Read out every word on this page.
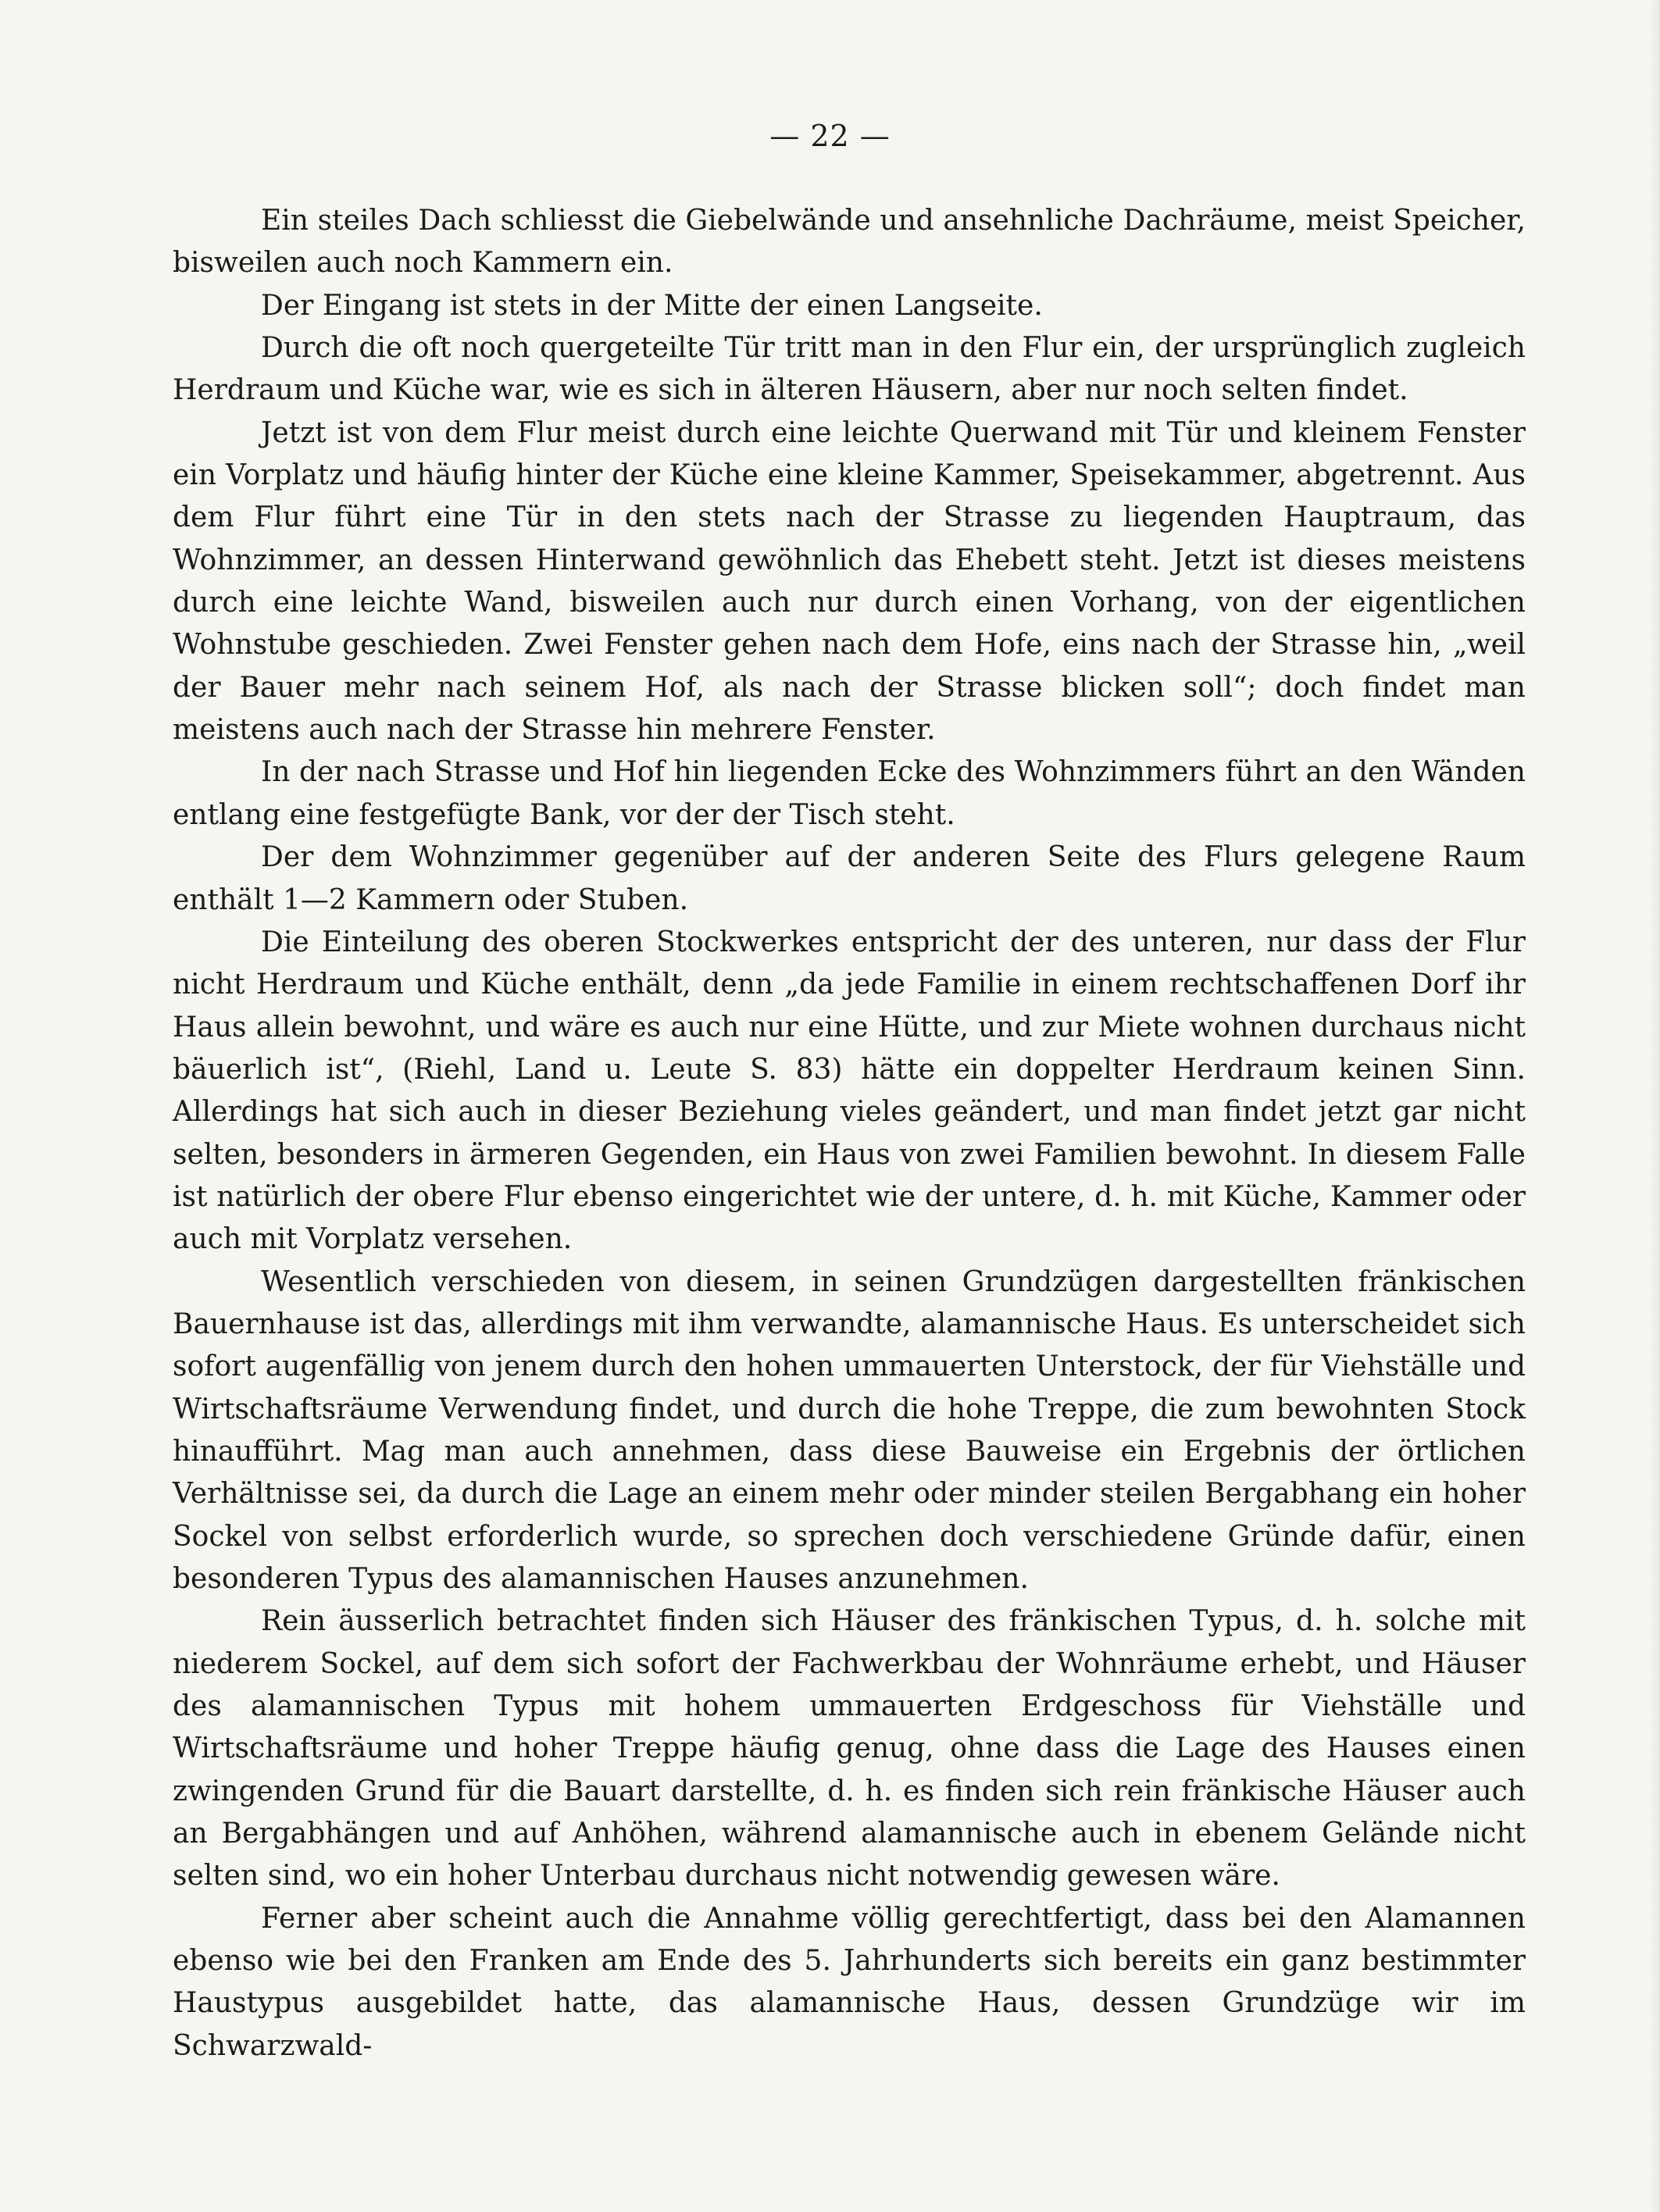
— 22 —

Ein steiles Dach schliesst die Giebelwände und ansehnliche Dachräume, meist Speicher, bisweilen auch noch Kammern ein.

Der Eingang ist stets in der Mitte der einen Langseite.

Durch die oft noch quergeteilte Tür tritt man in den Flur ein, der ursprünglich zugleich Herdraum und Küche war, wie es sich in älteren Häusern, aber nur noch selten findet.

Jetzt ist von dem Flur meist durch eine leichte Querwand mit Tür und kleinem Fenster ein Vorplatz und häufig hinter der Küche eine kleine Kammer, Speisekammer, abgetrennt. Aus dem Flur führt eine Tür in den stets nach der Strasse zu liegenden Hauptraum, das Wohnzimmer, an dessen Hinterwand gewöhnlich das Ehebett steht. Jetzt ist dieses meistens durch eine leichte Wand, bisweilen auch nur durch einen Vorhang, von der eigentlichen Wohnstube geschieden. Zwei Fenster gehen nach dem Hofe, eins nach der Strasse hin, „weil der Bauer mehr nach seinem Hof, als nach der Strasse blicken soll“; doch findet man meistens auch nach der Strasse hin mehrere Fenster.

In der nach Strasse und Hof hin liegenden Ecke des Wohnzimmers führt an den Wänden entlang eine festgefügte Bank, vor der der Tisch steht.

Der dem Wohnzimmer gegenüber auf der anderen Seite des Flurs gelegene Raum enthält 1—2 Kammern oder Stuben.

Die Einteilung des oberen Stockwerkes entspricht der des unteren, nur dass der Flur nicht Herdraum und Küche enthält, denn „da jede Familie in einem rechtschaffenen Dorf ihr Haus allein bewohnt, und wäre es auch nur eine Hütte, und zur Miete wohnen durchaus nicht bäuerlich ist“, (Riehl, Land u. Leute S. 83) hätte ein doppelter Herdraum keinen Sinn. Allerdings hat sich auch in dieser Beziehung vieles geändert, und man findet jetzt gar nicht selten, besonders in ärmeren Gegenden, ein Haus von zwei Familien bewohnt. In diesem Falle ist natürlich der obere Flur ebenso eingerichtet wie der untere, d. h. mit Küche, Kammer oder auch mit Vorplatz versehen.

Wesentlich verschieden von diesem, in seinen Grundzügen dargestellten fränkischen Bauernhause ist das, allerdings mit ihm verwandte, alamannische Haus. Es unterscheidet sich sofort augenfällig von jenem durch den hohen ummauerten Unterstock, der für Viehställe und Wirtschaftsräume Verwendung findet, und durch die hohe Treppe, die zum bewohnten Stock hinaufführt. Mag man auch annehmen, dass diese Bauweise ein Ergebnis der örtlichen Verhältnisse sei, da durch die Lage an einem mehr oder minder steilen Bergabhang ein hoher Sockel von selbst erforderlich wurde, so sprechen doch verschiedene Gründe dafür, einen besonderen Typus des alamannischen Hauses anzunehmen.

Rein äusserlich betrachtet finden sich Häuser des fränkischen Typus, d. h. solche mit niederem Sockel, auf dem sich sofort der Fachwerkbau der Wohnräume erhebt, und Häuser des alamannischen Typus mit hohem ummauerten Erdgeschoss für Viehställe und Wirtschaftsräume und hoher Treppe häufig genug, ohne dass die Lage des Hauses einen zwingenden Grund für die Bauart darstellte, d. h. es finden sich rein fränkische Häuser auch an Bergabhängen und auf Anhöhen, während alamannische auch in ebenem Gelände nicht selten sind, wo ein hoher Unterbau durchaus nicht notwendig gewesen wäre.

Ferner aber scheint auch die Annahme völlig gerechtfertigt, dass bei den Alamannen ebenso wie bei den Franken am Ende des 5. Jahrhunderts sich bereits ein ganz bestimmter Haustypus ausgebildet hatte, das alamannische Haus, dessen Grundzüge wir im Schwarzwald-
